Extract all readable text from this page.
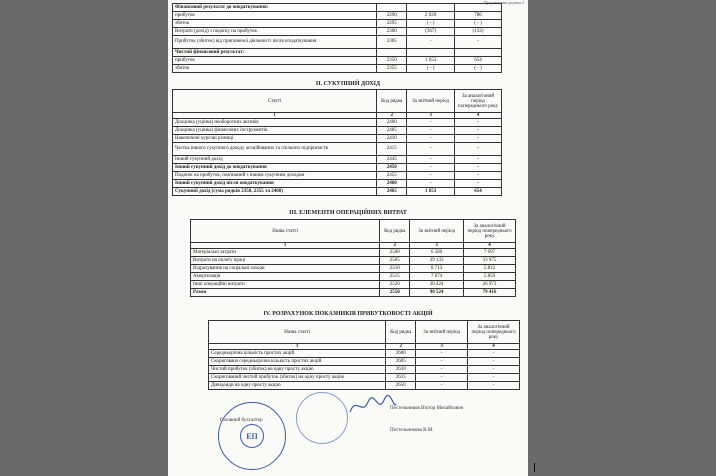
Продовження додатка 2
Фінансовий результат до оподаткування:			
прибуток	2290	2 020	786
збиток	2295	( - )	( - )
Витрати (дохід) з податку на прибуток	2300	(367)	(132)
Прибуток (збиток) від припиненої діяльності після оподаткування	2305	-	-
Чистий фінансовий результат:			
прибуток	2350	1 653	654
збиток	2355	( - )	( - )
II. СУКУПНИЙ ДОХІД
Статті	Код рядка	За звітний період	За аналогічний період попереднього року
1	2	3	4
Дооцінка (уцінка) необоротних активів	2400	-	-
Дооцінка (уцінка) фінансових інструментів	2405	-	-
Накопичені курсові різниці	2410	-	-
Частка іншого сукупного доходу асоційованих та спільних підприємств	2415	-	-
Інший сукупний дохід	2445	-	-
Інший сукупний дохід до оподаткування	2450	-	-
Податок на прибуток, пов'язаний з іншим сукупним доходом	2455	-	-
Інший сукупний дохід після оподаткування	2460	-	-
Сукупний дохід (сума рядків 2350, 2355 та 2460)	2465	1 653	654
III. ЕЛЕМЕНТИ ОПЕРАЦІЙНИХ ВИТРАТ
Назва статті	Код рядка	За звітний період	За аналогічний період попереднього року
1	2	3	4
Матеріальні затрати	2500	6 580	7 697
Витрати на оплату праці	2505	39 133	33 975
Відрахування на соціальні заходи	2510	8 713	5 812
Амортизація	2515	7 674	5 859
Інші операційні витрати	2520	30 424	26 973
Разом	2550	90 524	79 416
IV. РОЗРАХУНОК ПОКАЗНИКІВ ПРИБУТКОВОСТІ АКЦІЙ
Назва статті	Код рядка	За звітний період	За аналогічний період попереднього року
1	2	3	4
Середньорічна кількість простих акцій	2600	-	-
Скоригована середньорічна кількість простих акцій	2605	-	-
Чистий прибуток (збиток) на одну просту акцію	2610	-	-
Скоригований чистий прибуток (збиток) на одну просту акцію	2615	-	-
Дивіденди на одну просту акцію	2650	-	-
Головний бухгалтер
Пестельников Віктор Михайлович
Пестельникова В.М.
ЕП
